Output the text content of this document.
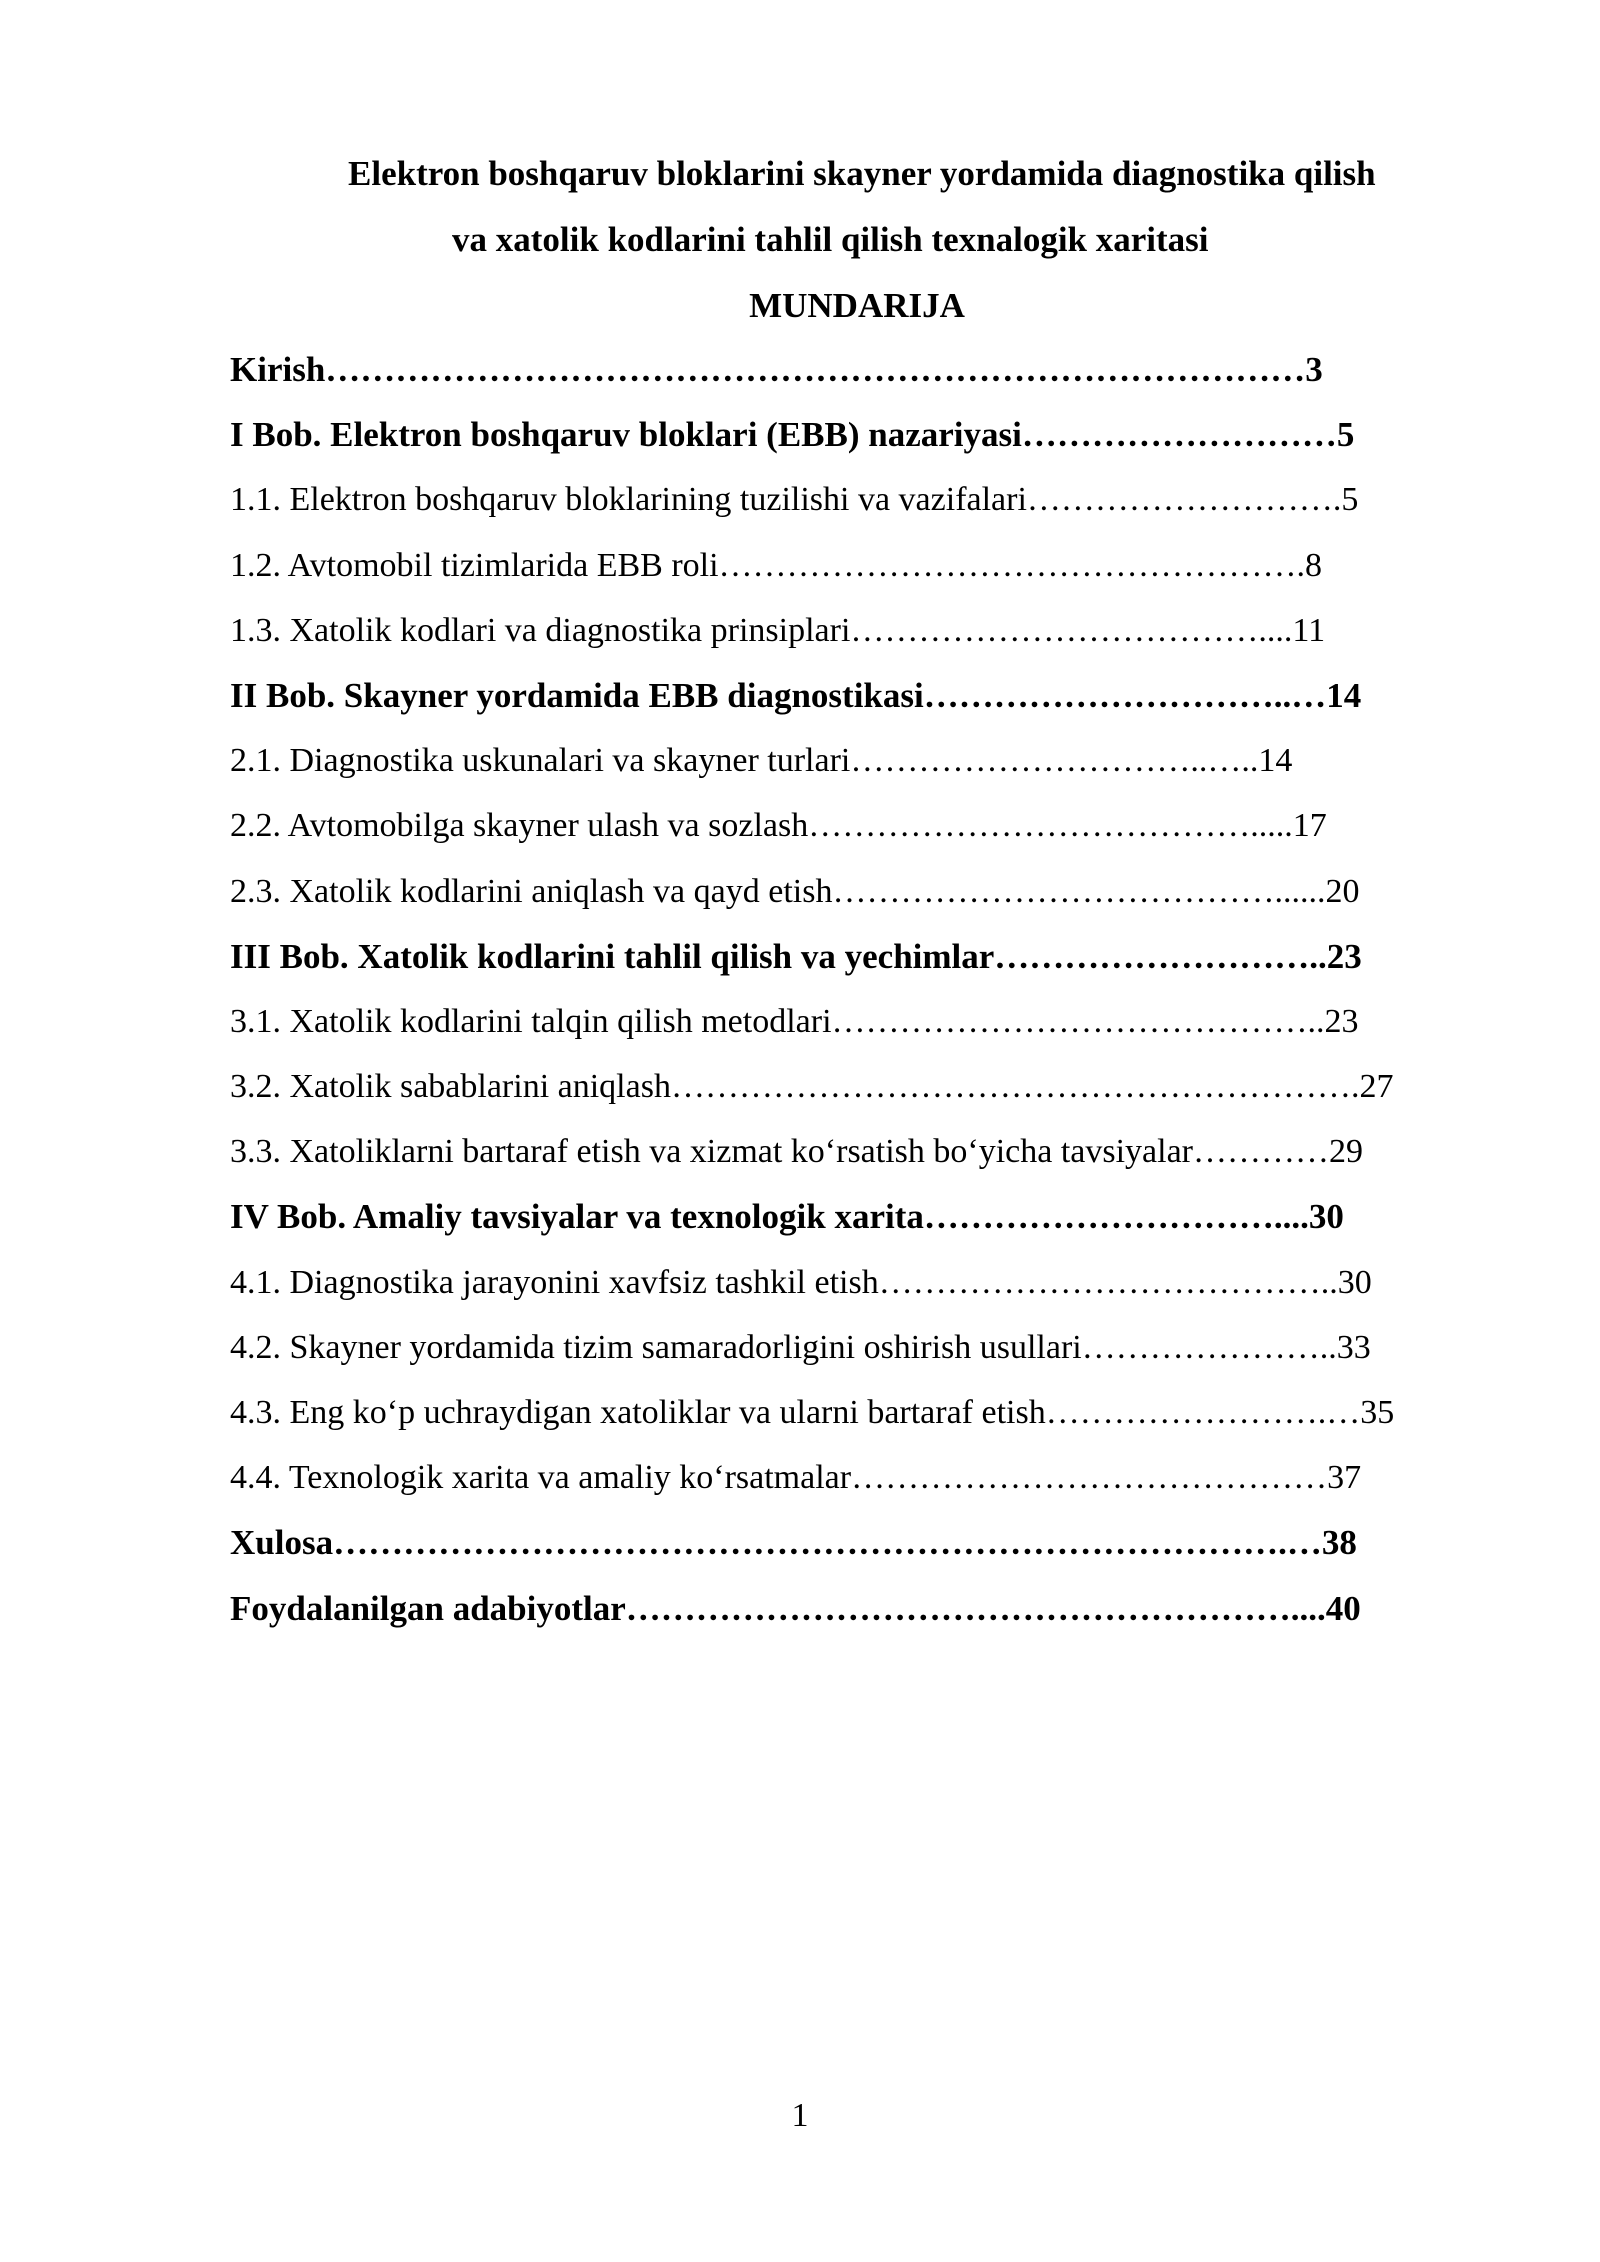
Elektron boshqaruv bloklarini skayner yordamida diagnostika qilish
va xatolik kodlarini tahlil qilish texnalogik xaritasi
MUNDARIJA
Kirish…………………………………………………………………………3
I Bob. Elektron boshqaruv bloklari (EBB) nazariyasi………………………5
1.1. Elektron boshqaruv bloklarining tuzilishi va vazifalari……………………….5
1.2. Avtomobil tizimlarida EBB roli…………………………………………….8
1.3. Xatolik kodlari va diagnostika prinsiplari………………………………....11
II Bob. Skayner yordamida EBB diagnostikasi…………………………..…14
2.1. Diagnostika uskunalari va skayner turlari…………………………..…..14
2.2. Avtomobilga skayner ulash va sozlash………………………………….....17
2.3. Xatolik kodlarini aniqlash va qayd etish…………………………………......20
III Bob. Xatolik kodlarini tahlil qilish va yechimlar………………………..23
3.1. Xatolik kodlarini talqin qilish metodlari……………………………………..23
3.2. Xatolik sabablarini aniqlash…………………………………………………….27
3.3. Xatoliklarni bartaraf etish va xizmat ko‘rsatish bo‘yicha tavsiyalar…………29
IV Bob. Amaliy tavsiyalar va texnologik xarita…………………………....30
4.1. Diagnostika jarayonini xavfsiz tashkil etish…………………………………..30
4.2. Skayner yordamida tizim samaradorligini oshirish usullari…………………..33
4.3. Eng ko‘p uchraydigan xatoliklar va ularni bartaraf etish…………………….…35
4.4. Texnologik xarita va amaliy ko‘rsatmalar……………………………………37
Xulosa……………………………………………………………………….…38
Foydalanilgan adabiyotlar…………………………………………………....40
1
